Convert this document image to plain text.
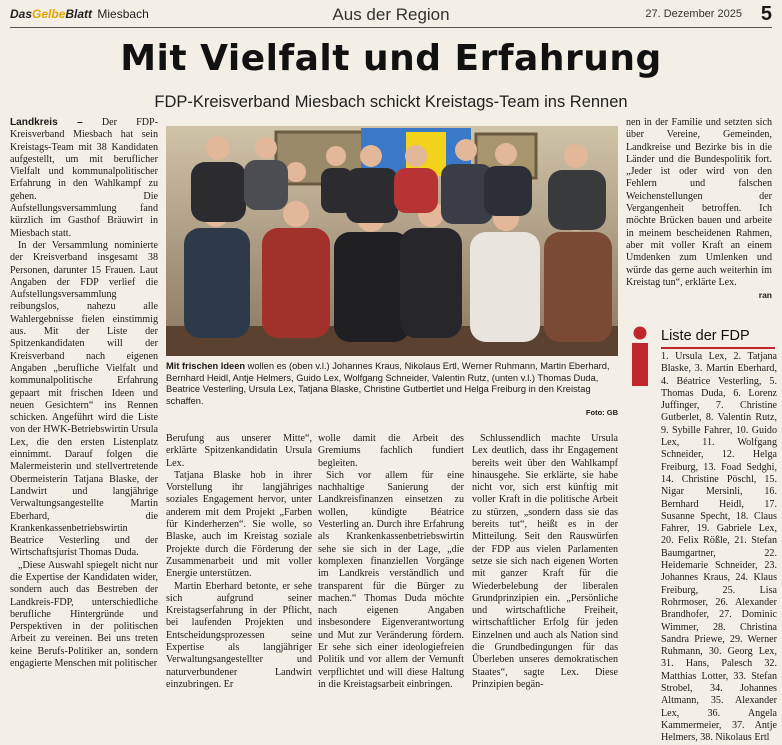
DasGelbeBlatt Miesbach	Aus der Region	27. Dezember 2025 5
Mit Vielfalt und Erfahrung
FDP-Kreisverband Miesbach schickt Kreistags-Team ins Rennen

Landkreis – Der FDP-Kreisverband Miesbach hat sein Kreistags-Team mit 38 Kandidaten aufgestellt, um mit beruflicher Vielfalt und kommunalpolitischer Erfahrung in den Wahlkampf zu gehen. Die Aufstellungsversammlung fand kürzlich im Gasthof Bräuwirt in Miesbach statt.

In der Versammlung nominierte der Kreisverband insgesamt 38 Personen, darunter 15 Frauen. Laut Angaben der FDP verlief die Aufstellungsversammlung reibungslos, nahezu alle Wahlergebnisse fielen einstimmig aus. Mit der Liste der Spitzenkandidaten will der Kreisverband nach eigenen Angaben „berufliche Vielfalt und kommunalpolitische Erfahrung gepaart mit frischen Ideen und neuen Gesichtern“ ins Rennen schicken. Angeführt wird die Liste von der HWK-Betriebswirtin Ursula Lex, die den ersten Listenplatz einnimmt. Darauf folgen die Malermeisterin und stellvertretende Obermeisterin Tatjana Blaske, der Landwirt und langjährige Verwaltungsangestellte Martin Eberhard, die Krankenkassenbetriebswirtin Beatrice Vesterling und der Wirtschaftsjurist Thomas Duda.

„Diese Auswahl spiegelt nicht nur die Expertise der Kandidaten wider, sondern auch das Bestreben der Landkreis-FDP, unterschiedliche berufliche Hintergründe und Perspektiven in der politischen Arbeit zu vereinen. Bei uns treten keine Berufs-Politiker an, sondern engagierte Menschen mit politischer

Mit frischen Ideen wollen es (oben v.l.) Johannes Kraus, Nikolaus Ertl, Werner Ruhmann, Martin Eberhard, Bernhard Heidl, Antje Helmers, Guido Lex, Wolfgang Schneider, Valentin Rutz, (unten v.l.) Thomas Duda, Beatrice Vesterling, Ursula Lex, Tatjana Blaske, Christine Gutbertlet und Helga Freiburg in den Kreistag schaffen.
Foto: GB

Berufung aus unserer Mitte“, erklärte Spitzenkandidatin Ursula Lex.

Tatjana Blaske hob in ihrer Vorstellung ihr langjähriges soziales Engagement hervor, unter anderem mit dem Projekt „Farben für Kinderherzen“. Sie wolle, so Blaske, auch im Kreistag soziale Projekte durch die Förderung der Zusammenarbeit und mit voller Energie unterstützen.

Martin Eberhard betonte, er sehe sich aufgrund seiner Kreistagserfahrung in der Pflicht, bei laufenden Projekten und Entscheidungsprozessen seine Expertise als langjähriger Verwaltungsangestellter und naturverbundener Landwirt einzubringen. Er

wolle damit die Arbeit des Gremiums fachlich fundiert begleiten.

Sich vor allem für eine nachhaltige Sanierung der Landkreisfinanzen einsetzen zu wollen, kündigte Béatrice Vesterling an. Durch ihre Erfahrung als Krankenkassenbetriebswirtin sehe sie sich in der Lage, „die komplexen finanziellen Vorgänge im Landkreis verständlich und transparent für die Bürger zu machen.“ Thomas Duda möchte nach eigenen Angaben insbesondere Eigenverantwortung und Mut zur Veränderung fördern. Er sehe sich einer ideologiefreien Politik und vor allem der Vernunft verpflichtet und will diese Haltung in die Kreistagsarbeit einbringen.

Schlussendlich machte Ursula Lex deutlich, dass ihr Engagement bereits weit über den Wahlkampf hinausgehe. Sie erklärte, sie habe nicht vor, sich erst künftig mit voller Kraft in die politische Arbeit zu stürzen, „sondern dass sie das bereits tut“, heißt es in der Mitteilung. Seit den Rauswürfen der FDP aus vielen Parlamenten setze sie sich nach eigenen Worten mit ganzer Kraft für die Wiederbelebung der liberalen Grundprinzipien ein. „Persönliche und wirtschaftliche Freiheit, wirtschaftlicher Erfolg für jeden Einzelnen und auch als Nation sind die Grundbedingungen für das Überleben unseres demokratischen Staates“, sagte Lex. Diese Prinzipien begän-

nen in der Familie und setzten sich über Vereine, Gemeinden, Landkreise und Bezirke bis in die Länder und die Bundespolitik fort. „Jeder ist oder wird von den Fehlern und falschen Weichenstellungen der Vergangenheit betroffen. Ich möchte Brücken bauen und arbeite in meinem bescheidenen Rahmen, aber mit voller Kraft an einem Umdenken zum Umlenken und würde das gerne auch weiterhin im Kreistag tun“, erklärte Lex.

ran
Liste der FDP
1. Ursula Lex, 2. Tatjana Blaske, 3. Martin Eberhard, 4. Béatrice Vesterling, 5. Thomas Duda, 6. Lorenz Juffinger, 7. Christine Gutberlet, 8. Valentin Rutz, 9. Sybille Fahrer, 10. Guido Lex, 11. Wolfgang Schneider, 12. Helga Freiburg, 13. Foad Sedghi, 14. Christine Pöschl, 15. Nigar Mersinli, 16. Bernhard Heidl, 17. Susanne Specht, 18. Claus Fahrer, 19. Gabriele Lex, 20. Felix Rößle, 21. Stefan Baumgartner, 22. Heidemarie Schneider, 23. Johannes Kraus, 24. Klaus Freiburg, 25. Lisa Rohrmoser, 26. Alexander Brandhofer, 27. Dominic Wimmer, 28. Christina Sandra Priewe, 29. Werner Ruhmann, 30. Georg Lex, 31. Hans, Palesch 32. Matthias Lotter, 33. Stefan Strobel, 34. Johannes Altmann, 35. Alexander Lex, 36. Angela Kammermeier, 37. Antje Helmers, 38. Nikolaus Ertl
